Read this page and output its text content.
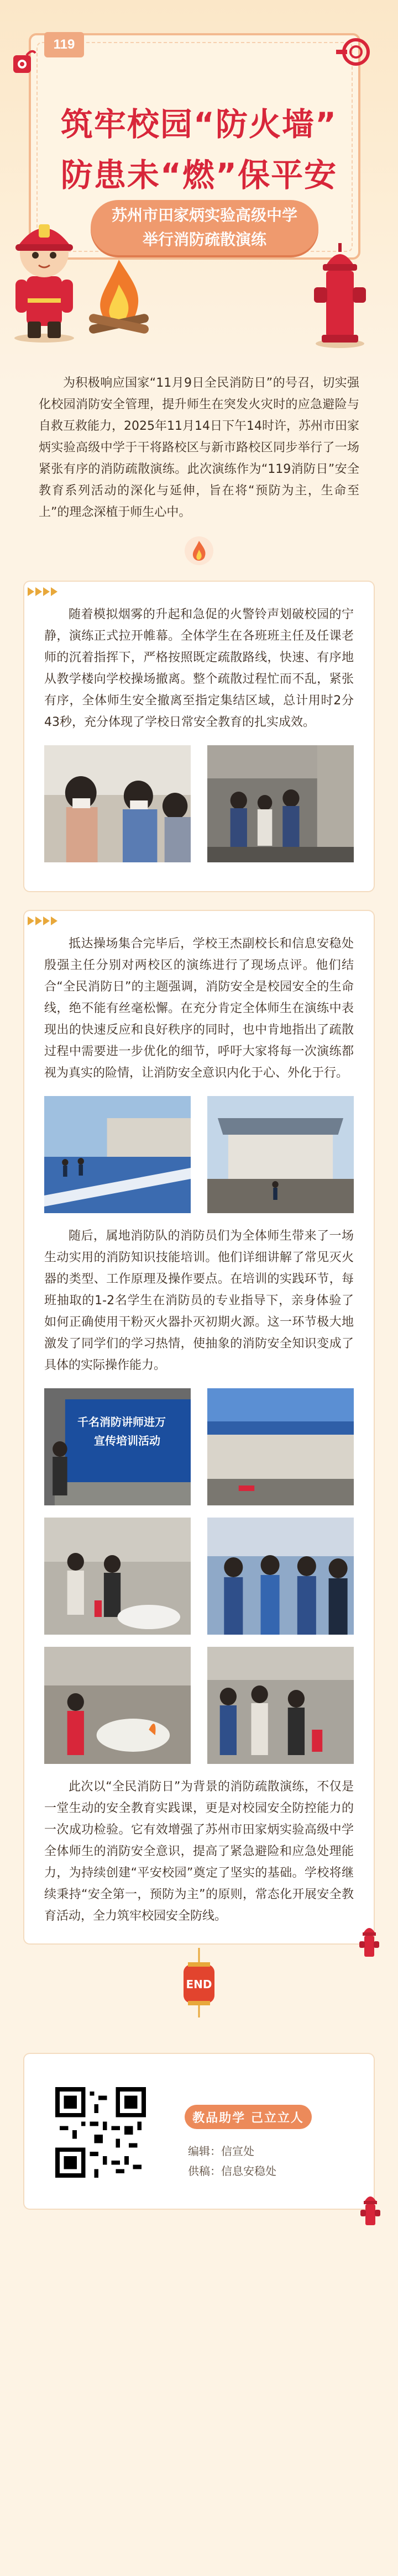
119
筑牢校园“防火墙”
防患未“燃”保平安
苏州市田家炳实验高级中学
举行消防疏散演练

为积极响应国家“11月9日全民消防日”的号召，切实强化校园消防安全管理，提升师生在突发火灾时的应急避险与自救互救能力，2025年11月14日下午14时许，苏州市田家炳实验高级中学于干将路校区与新市路校区同步举行了一场紧张有序的消防疏散演练。此次演练作为“119消防日”安全教育系列活动的深化与延伸，旨在将“预防为主，生命至上”的理念深植于师生心中。

随着模拟烟雾的升起和急促的火警铃声划破校园的宁静，演练正式拉开帷幕。全体学生在各班班主任及任课老师的沉着指挥下，严格按照既定疏散路线，快速、有序地从教学楼向学校操场撤离。整个疏散过程忙而不乱，紧张有序，全体师生安全撤离至指定集结区域，总计用时2分43秒，充分体现了学校日常安全教育的扎实成效。

抵达操场集合完毕后，学校王杰副校长和信息安稳处殷强主任分别对两校区的演练进行了现场点评。他们结合“全民消防日”的主题强调，消防安全是校园安全的生命线，绝不能有丝毫松懈。在充分肯定全体师生在演练中表现出的快速反应和良好秩序的同时，也中肯地指出了疏散过程中需要进一步优化的细节，呼吁大家将每一次演练都视为真实的险情，让消防安全意识内化于心、外化于行。

随后，属地消防队的消防员们为全体师生带来了一场生动实用的消防知识技能培训。他们详细讲解了常见灭火器的类型、工作原理及操作要点。在培训的实践环节，每班抽取的1-2名学生在消防员的专业指导下，亲身体验了如何正确使用干粉灭火器扑灭初期火源。这一环节极大地激发了同学们的学习热情，使抽象的消防安全知识变成了具体的实际操作能力。

千名消防讲师进万
宣传培训活动

此次以“全民消防日”为背景的消防疏散演练，不仅是一堂生动的安全教育实践课，更是对校园安全防控能力的一次成功检验。它有效增强了苏州市田家炳实验高级中学全体师生的消防安全意识，提高了紧急避险和应急处理能力，为持续创建“平安校园”奠定了坚实的基础。学校将继续秉持“安全第一，预防为主”的原则，常态化开展安全教育活动，全力筑牢校园安全防线。

END
教品助学 己立立人
编辑：信宣处
供稿：信息安稳处
